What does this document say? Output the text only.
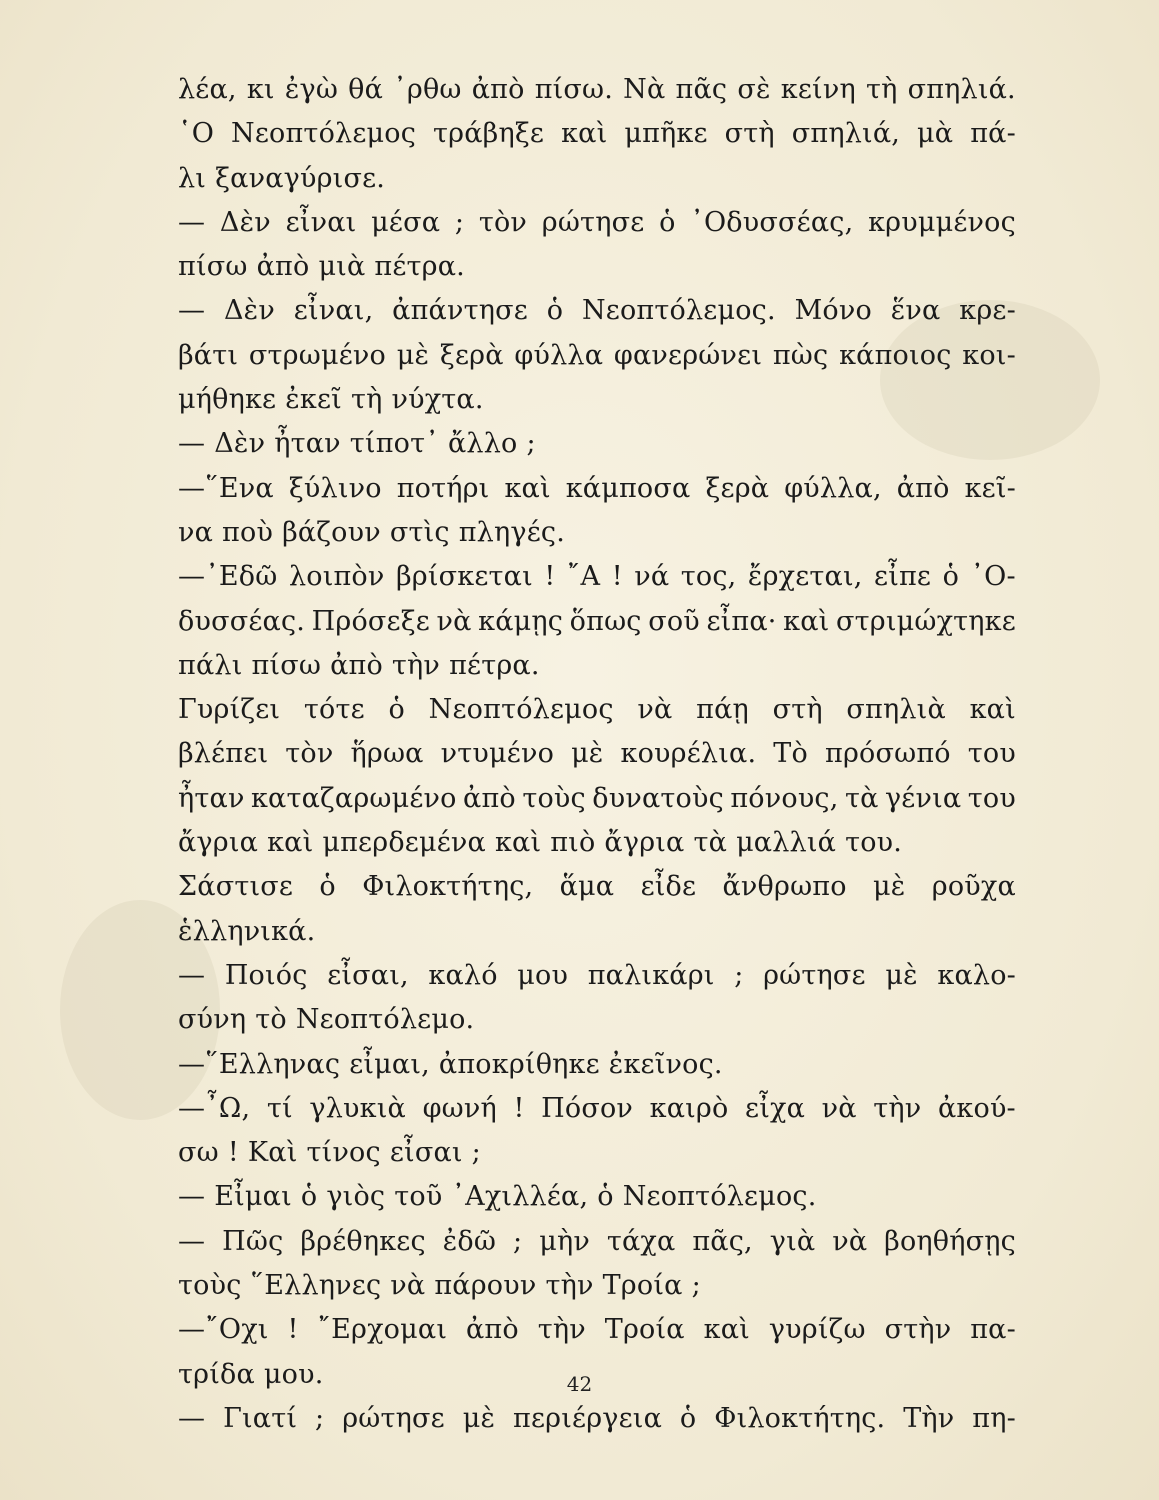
λέα, κι ἐγὼ θά ᾿ρθω ἀπὸ πίσω. Νὰ πᾶς σὲ κείνη τὴ σπηλιά.
῾Ο Νεοπτόλεμος τράβηξε καὶ μπῆκε στὴ σπηλιά, μὰ πά-
λι ξαναγύρισε.
— Δὲν εἶναι μέσα ; τὸν ρώτησε ὁ ᾿Οδυσσέας, κρυμμένος
πίσω ἀπὸ μιὰ πέτρα.
— Δὲν εἶναι, ἀπάντησε ὁ Νεοπτόλεμος. Μόνο ἕνα κρε-
βάτι στρωμένο μὲ ξερὰ φύλλα φανερώνει πὼς κάποιος κοι-
μήθηκε ἐκεῖ τὴ νύχτα.
— Δὲν ἦταν τίποτ᾿ ἄλλο ;
—῞Ενα ξύλινο ποτήρι καὶ κάμποσα ξερὰ φύλλα, ἀπὸ κεῖ-
να ποὺ βάζουν στὶς πληγές.
—᾿Εδῶ λοιπὸν βρίσκεται ! ῎Α ! νά τος, ἔρχεται, εἶπε ὁ ᾿Ο-
δυσσέας. Πρόσεξε νὰ κάμῃς ὅπως σοῦ εἶπα· καὶ στριμώχτηκε
πάλι πίσω ἀπὸ τὴν πέτρα.
Γυρίζει τότε ὁ Νεοπτόλεμος νὰ πάῃ στὴ σπηλιὰ καὶ
βλέπει τὸν ἥρωα ντυμένο μὲ κουρέλια. Τὸ πρόσωπό του
ἦταν καταζαρωμένο ἀπὸ τοὺς δυνατοὺς πόνους, τὰ γένια του
ἄγρια καὶ μπερδεμένα καὶ πιὸ ἄγρια τὰ μαλλιά του.
Σάστισε ὁ Φιλοκτήτης, ἅμα εἶδε ἄνθρωπο μὲ ροῦχα
ἑλληνικά.
— Ποιός εἶσαι, καλό μου παλικάρι ; ρώτησε μὲ καλο-
σύνη τὸ Νεοπτόλεμο.
—῞Ελληνας εἶμαι, ἀποκρίθηκε ἐκεῖνος.
—῏Ω, τί γλυκιὰ φωνή ! Πόσον καιρὸ εἶχα νὰ τὴν ἀκού-
σω ! Καὶ τίνος εἶσαι ;
— Εἶμαι ὁ γιὸς τοῦ ᾿Αχιλλέα, ὁ Νεοπτόλεμος.
— Πῶς βρέθηκες ἐδῶ ; μὴν τάχα πᾶς, γιὰ νὰ βοηθήσῃς
τοὺς ῞Ελληνες νὰ πάρουν τὴν Τροία ;
—῎Οχι ! ῎Ερχομαι ἀπὸ τὴν Τροία καὶ γυρίζω στὴν πα-
τρίδα μου.
— Γιατί ; ρώτησε μὲ περιέργεια ὁ Φιλοκτήτης. Τὴν πη-
42
